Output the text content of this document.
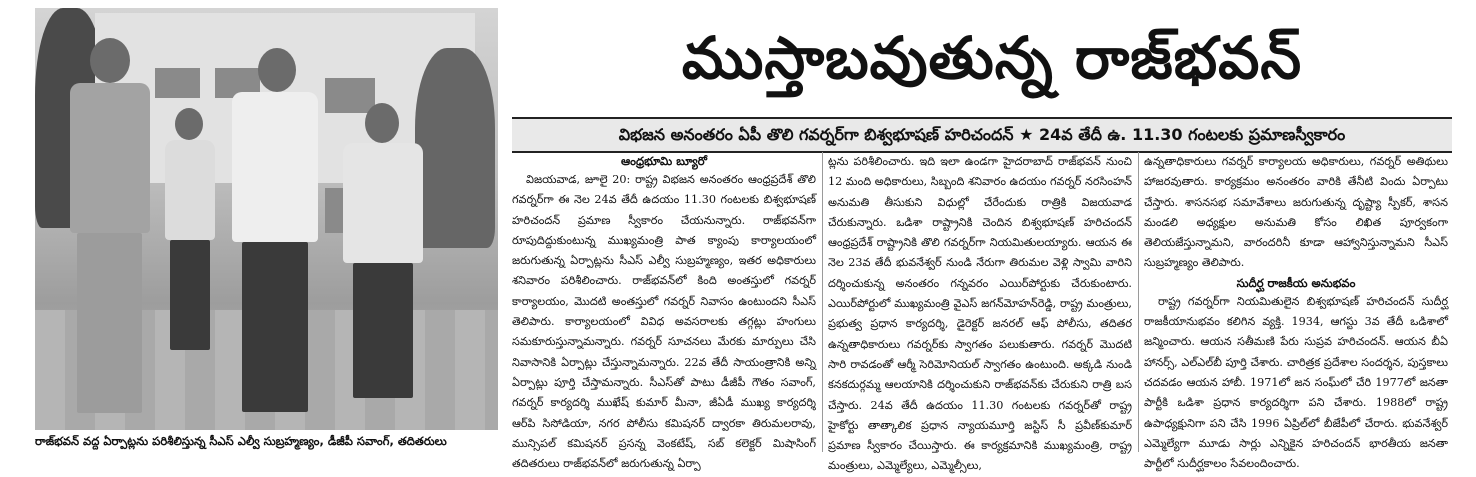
రాజ్‌భవన్ వద్ద ఏర్పాట్లను పరిశీలిస్తున్న సీఎస్ ఎల్వీ సుబ్రహ్మణ్యం, డీజీపీ సవాంగ్, తదితరులు
ముస్తాబవుతున్న రాజ్‌భవన్
విభజన అనంతరం ఏపీ తొలి గవర్నర్‌గా బిశ్వభూషణ్ హరిచందన్ ★ 24వ తేదీ ఉ. 11.30 గంటలకు ప్రమాణస్వీకారం
ఆంధ్రభూమి బ్యూరో

విజయవాడ, జూలై 20: రాష్ట్ర విభజన అనంతరం ఆంధ్రప్రదేశ్ తొలి గవర్నర్‌గా ఈ నెల 24వ తేదీ ఉదయం 11.30 గంటలకు బిశ్వభూషణ్ హరిచందన్ ప్రమాణ స్వీకారం చేయనున్నారు. రాజ్‌భవన్‌గా రూపుదిద్దుకుంటున్న ముఖ్యమంత్రి పాత క్యాంపు కార్యాలయంలో జరుగుతున్న ఏర్పాట్లను సీఎస్ ఎల్వీ సుబ్రహ్మణ్యం, ఇతర అధికారులు శనివారం పరిశీలించారు. రాజ్‌భవన్‌లో కింది అంతస్తులో గవర్నర్ కార్యాలయం, మొదటి అంతస్తులో గవర్నర్ నివాసం ఉంటుందని సీఎస్ తెలిపారు. కార్యాలయంలో వివిధ అవసరాలకు తగ్గట్లు హంగులు సమకూరుస్తున్నామన్నారు. గవర్నర్ సూచనలు మేరకు మార్పులు చేసి నివాసానికి ఏర్పాట్లు చేస్తున్నామన్నారు. 22వ తేదీ సాయంత్రానికి అన్ని ఏర్పాట్లు పూర్తి చేస్తామన్నారు. సీఎస్‌తో పాటు డీజీపీ గౌతం సవాంగ్, గవర్నర్ కార్యదర్శి ముఖేష్ కుమార్ మీనా, జీఏడీ ముఖ్య కార్యదర్శి ఆర్‌పి సిసోడియా, నగర పోలీసు కమిషనర్ ద్వారకా తిరుమలరావు, మున్సిపల్ కమిషనర్ ప్రసన్న వెంకటేష్, సబ్ కలెక్టర్ మిషాసింగ్ తదితరులు రాజ్‌భవన్‌లో జరుగుతున్న ఏర్పా

ట్లను పరిశీలించారు. ఇది ఇలా ఉండగా హైదరాబాద్ రాజ్‌భవన్ నుంచి 12 మంది అధికారులు, సిబ్బంది శనివారం ఉదయం గవర్నర్ నరసింహన్ అనుమతి తీసుకుని విధుల్లో చేరేందుకు రాత్రికి విజయవాడ చేరుకున్నారు. ఒడిశా రాష్ట్రానికి చెందిన బిశ్వభూషణ్ హరిచందన్ ఆంధ్రప్రదేశ్ రాష్ట్రానికి తొలి గవర్నర్‌గా నియమితులయ్యారు. ఆయన ఈ నెల 23వ తేదీ భువనేశ్వర్ నుండి నేరుగా తిరుమల వెళ్లి స్వామి వారిని దర్శించుకున్న అనంతరం గన్నవరం ఎయిర్‌పోర్టుకు చేరుకుంటారు. ఎయిర్‌పోర్టులో ముఖ్యమంత్రి వైఎస్ జగన్‌మోహన్‌రెడ్డి, రాష్ట్ర మంత్రులు, ప్రభుత్వ ప్రధాన కార్యదర్శి, డైరెక్టర్ జనరల్ ఆఫ్ పోలీసు, తదితర ఉన్నతాధికారులు గవర్నర్‌కు స్వాగతం పలుకుతారు. గవర్నర్ మొదటి సారి రావడంతో ఆర్మీ సెరిమోనియల్ స్వాగతం ఉంటుంది. అక్కడి నుండి కనకదుర్గమ్మ ఆలయానికి దర్శించుకుని రాజ్‌భవన్‌కు చేరుకుని రాత్రి బస చేస్తారు. 24వ తేదీ ఉదయం 11.30 గంటలకు గవర్నర్‌తో రాష్ట్ర హైకోర్టు తాత్కాలిక ప్రధాన న్యాయమూర్తి జస్టిస్ సీ ప్రవీణ్‌కుమార్ ప్రమాణ స్వీకారం చేయిస్తారు. ఈ కార్యక్రమానికి ముఖ్యమంత్రి, రాష్ట్ర మంత్రులు, ఎమ్మెల్యేలు, ఎమ్మెల్సీలు,

ఉన్నతాధికారులు గవర్నర్ కార్యాలయ అధికారులు, గవర్నర్ అతిథులు హాజరవుతారు. కార్యక్రమం అనంతరం వారికి తేనీటి విందు ఏర్పాటు చేస్తారు. శాసనసభ సమావేశాలు జరుగుతున్న దృష్ట్యా స్పీకర్, శాసన మండలి అధ్యక్షుల అనుమతి కోసం లిఖిత పూర్వకంగా తెలియజేస్తున్నామని, వారందరినీ కూడా ఆహ్వానిస్తున్నామని సీఎస్ సుబ్రహ్మణ్యం తెలిపారు.

సుదీర్ఘ రాజకీయ అనుభవం

రాష్ట్ర గవర్నర్‌గా నియమితులైన బిశ్వభూషణ్ హరిచందన్ సుదీర్ఘ రాజకీయానుభవం కలిగిన వ్యక్తి. 1934, ఆగస్టు 3వ తేదీ ఒడిశాలో జన్మించారు. ఆయన సతీమణి పేరు సుప్రవ హరిచందన్. ఆయన బీఏ హానర్స్, ఎల్‌ఎల్‌బీ పూర్తి చేశారు. చారిత్రక ప్రదేశాల సందర్శన, పుస్తకాలు చదవడం ఆయన హాబీ. 1971లో జన సంఘ్‌లో చేరి 1977లో జనతా పార్టీకి ఒడిశా ప్రధాన కార్యదర్శిగా పని చేశారు. 1988లో రాష్ట్ర ఉపాధ్యక్షునిగా పని చేసి 1996 ఏప్రిల్‌లో బీజేపీలో చేరారు. భువనేశ్వర్ ఎమ్మెల్యేగా మూడు సార్లు ఎన్నికైన హరిచందన్ భారతీయ జనతా పార్టీలో సుదీర్ఘకాలం సేవలందించారు.
